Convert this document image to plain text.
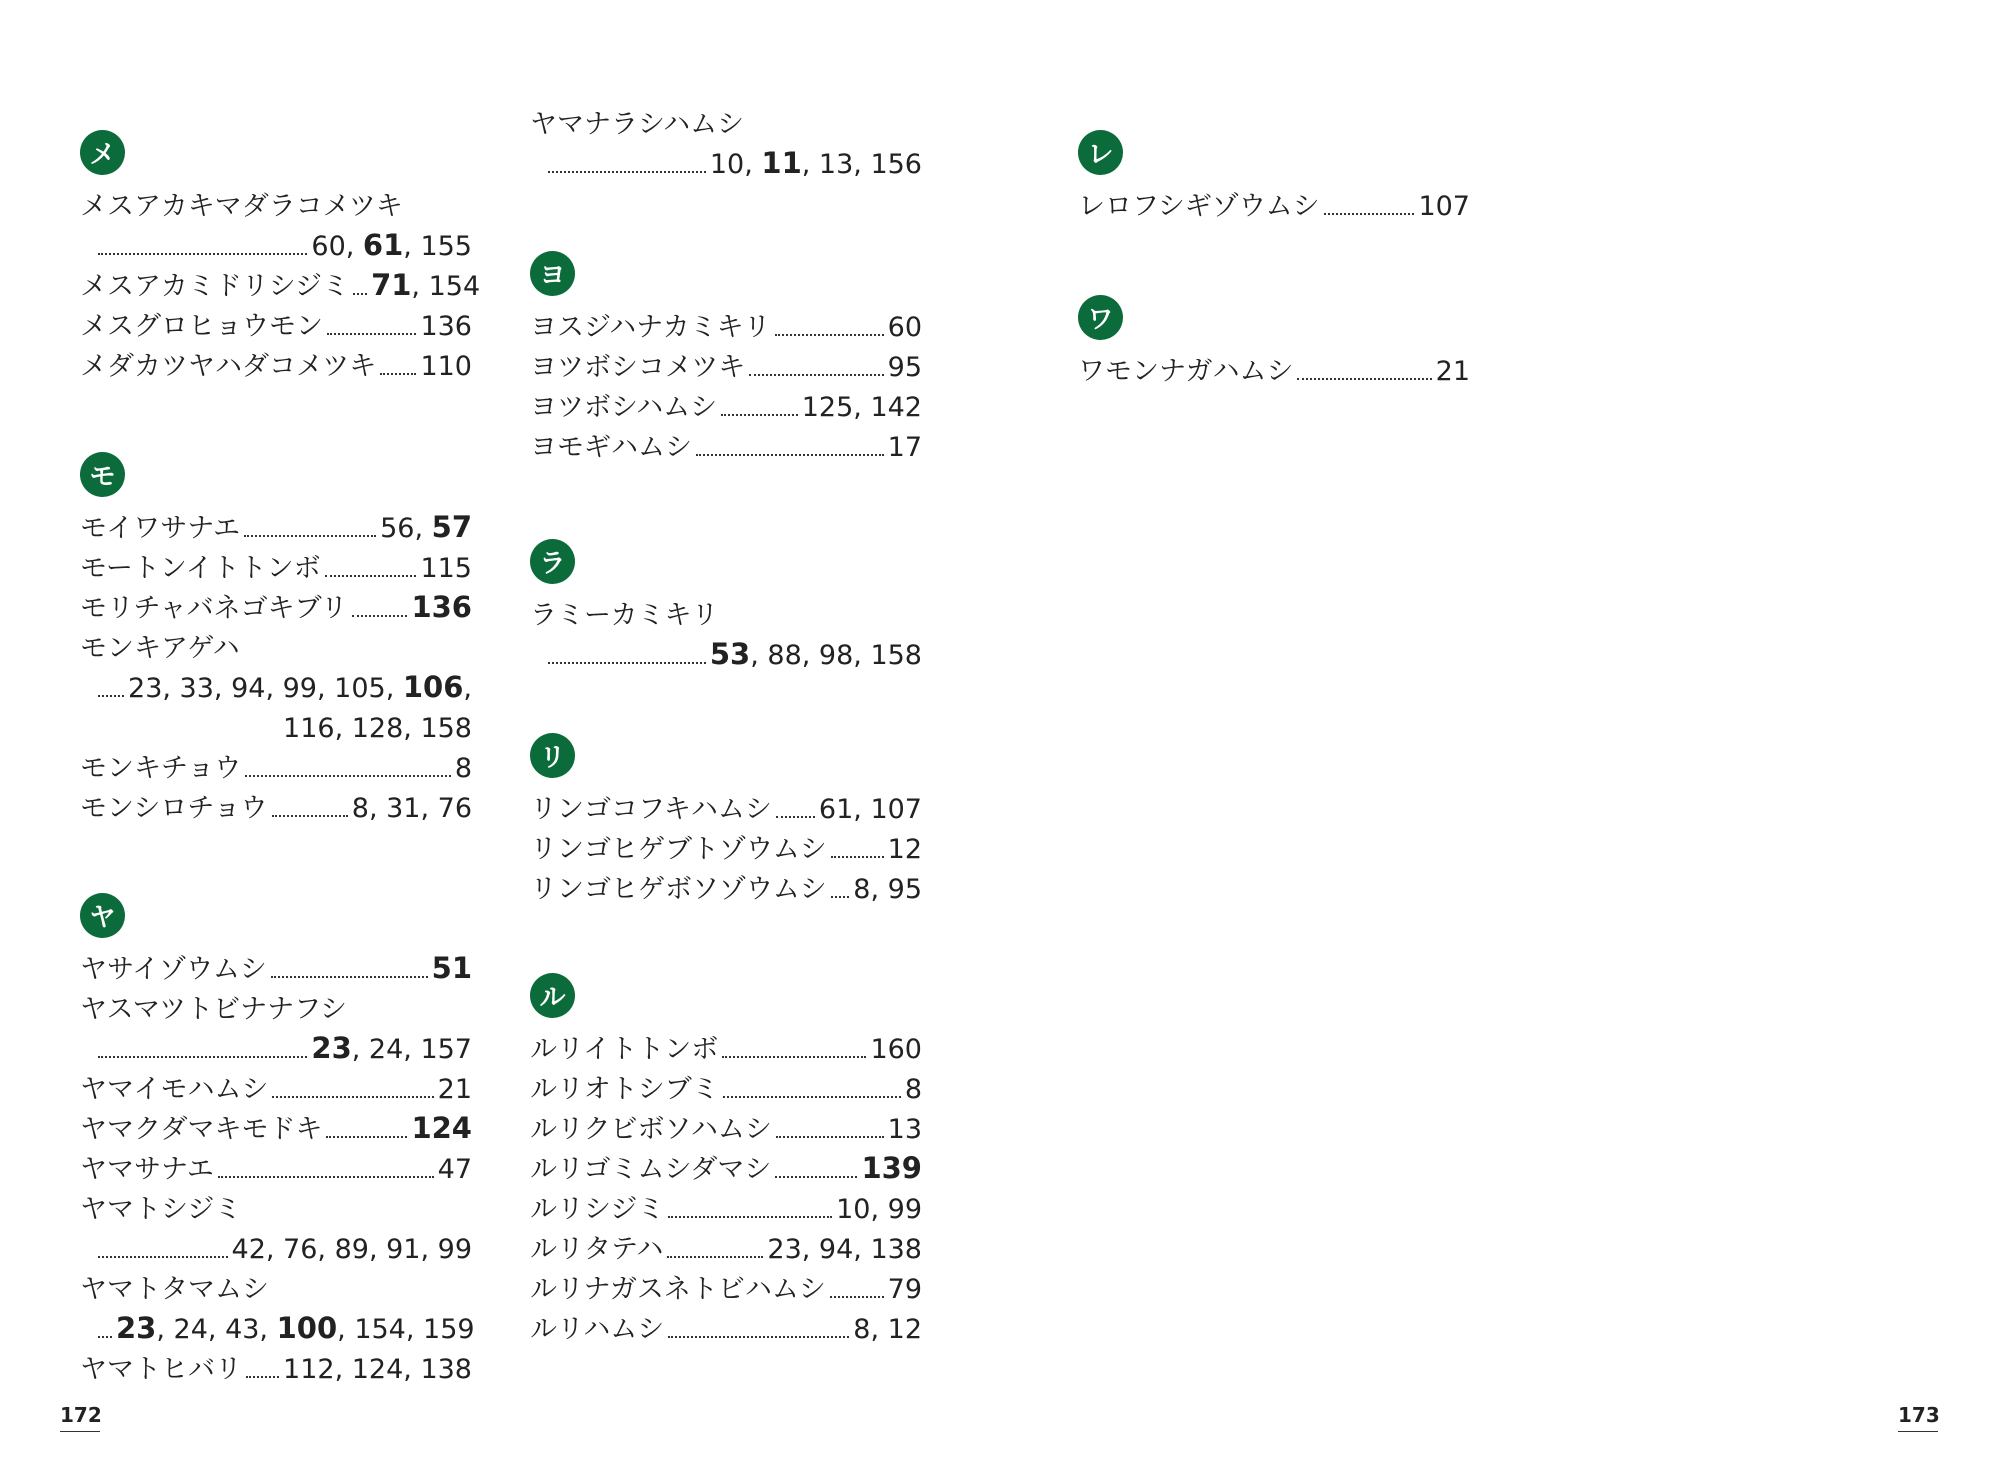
メ
メスアカキマダラコメツキ
60, 61, 155
メスアカミドリシジミ 71, 154
メスグロヒョウモン	136
メダカツヤハダコメツキ 110
モ
モイワサナエ	56, 57
モートンイトトンボ	115
モリチャバネゴキブリ 136
モンキアゲハ
23, 33, 94, 99, 105, 106,
116, 128, 158
モンキチョウ	8
モンシロチョウ	8, 31, 76
ヤ
ヤサイゾウムシ	51
ヤスマツトビナナフシ
23, 24, 157
ヤマイモハムシ	21
ヤマクダマキモドキ	124
ヤマサナエ	47
ヤマトシジミ
42, 76, 89, 91, 99
ヤマトタマムシ
23, 24, 43, 100, 154, 159
ヤマトヒバリ 112, 124, 138
ヤマナラシハムシ
10, 11, 13, 156
ヨ
ヨスジハナカミキリ	60
ヨツボシコメツキ	95
ヨツボシハムシ	125, 142
ヨモギハムシ	17
ラ
ラミーカミキリ
53, 88, 98, 158
リ
リンゴコフキハムシ 61, 107
リンゴヒゲブトゾウムシ 12
リンゴヒゲボソゾウムシ 8, 95
ル
ルリイトトンボ	160
ルリオトシブミ	8
ルリクビボソハムシ	13
ルリゴミムシダマシ	139
ルリシジミ	10, 99
ルリタテハ	23, 94, 138
ルリナガスネトビハムシ 79
ルリハムシ	8, 12
レ
レロフシギゾウムシ	107
ワ
ワモンナガハムシ	21
172	173
